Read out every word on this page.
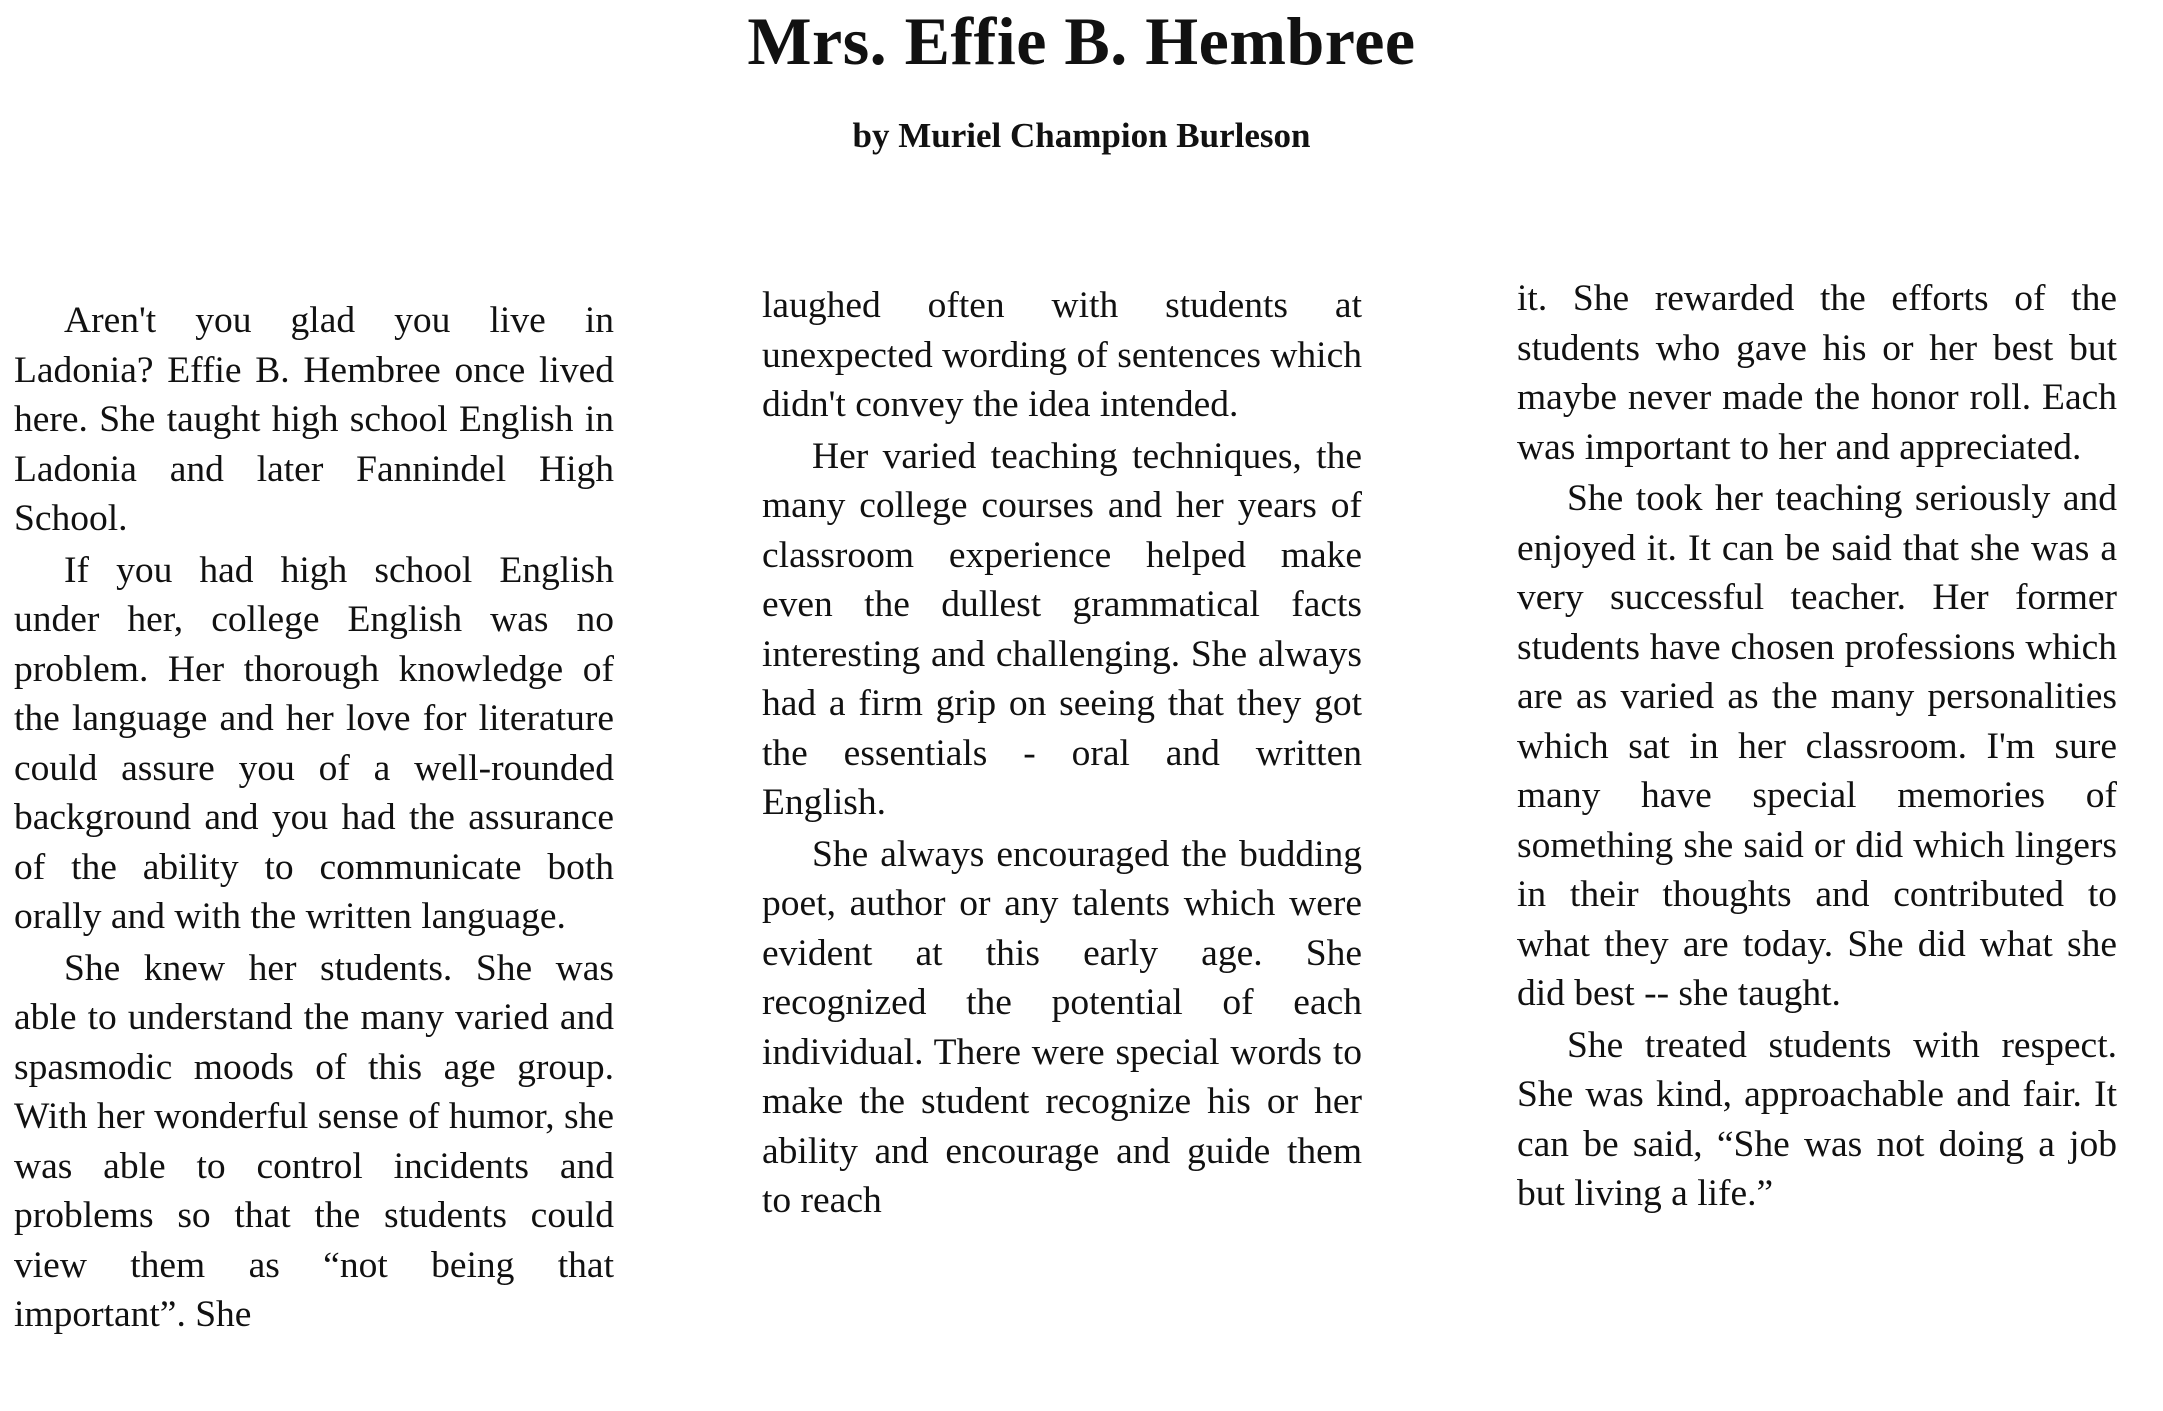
Mrs. Effie B. Hembree
by Muriel Champion Burleson

Aren't you glad you live in Ladonia? Effie B. Hembree once lived here. She taught high school English in Ladonia and later Fannindel High School.

If you had high school English under her, college English was no problem. Her thorough knowledge of the language and her love for literature could assure you of a well-rounded background and you had the assurance of the ability to communicate both orally and with the written language.

She knew her students. She was able to understand the many varied and spasmodic moods of this age group. With her wonderful sense of humor, she was able to control incidents and problems so that the students could view them as “not being that important”. She

laughed often with students at unexpected wording of sentences which didn't convey the idea intended.

Her varied teaching techniques, the many college courses and her years of classroom experience helped make even the dullest grammatical facts interesting and challenging. She always had a firm grip on seeing that they got the essentials - oral and written English.

She always encouraged the budding poet, author or any talents which were evident at this early age. She recognized the potential of each individual. There were special words to make the student recognize his or her ability and encourage and guide them to reach

it. She rewarded the efforts of the students who gave his or her best but maybe never made the honor roll. Each was important to her and appreciated.

She took her teaching seriously and enjoyed it. It can be said that she was a very successful teacher. Her former students have chosen professions which are as varied as the many personalities which sat in her classroom. I'm sure many have special memories of something she said or did which lingers in their thoughts and contributed to what they are today. She did what she did best -- she taught.

She treated students with respect. She was kind, approachable and fair. It can be said, “She was not doing a job but living a life.”
